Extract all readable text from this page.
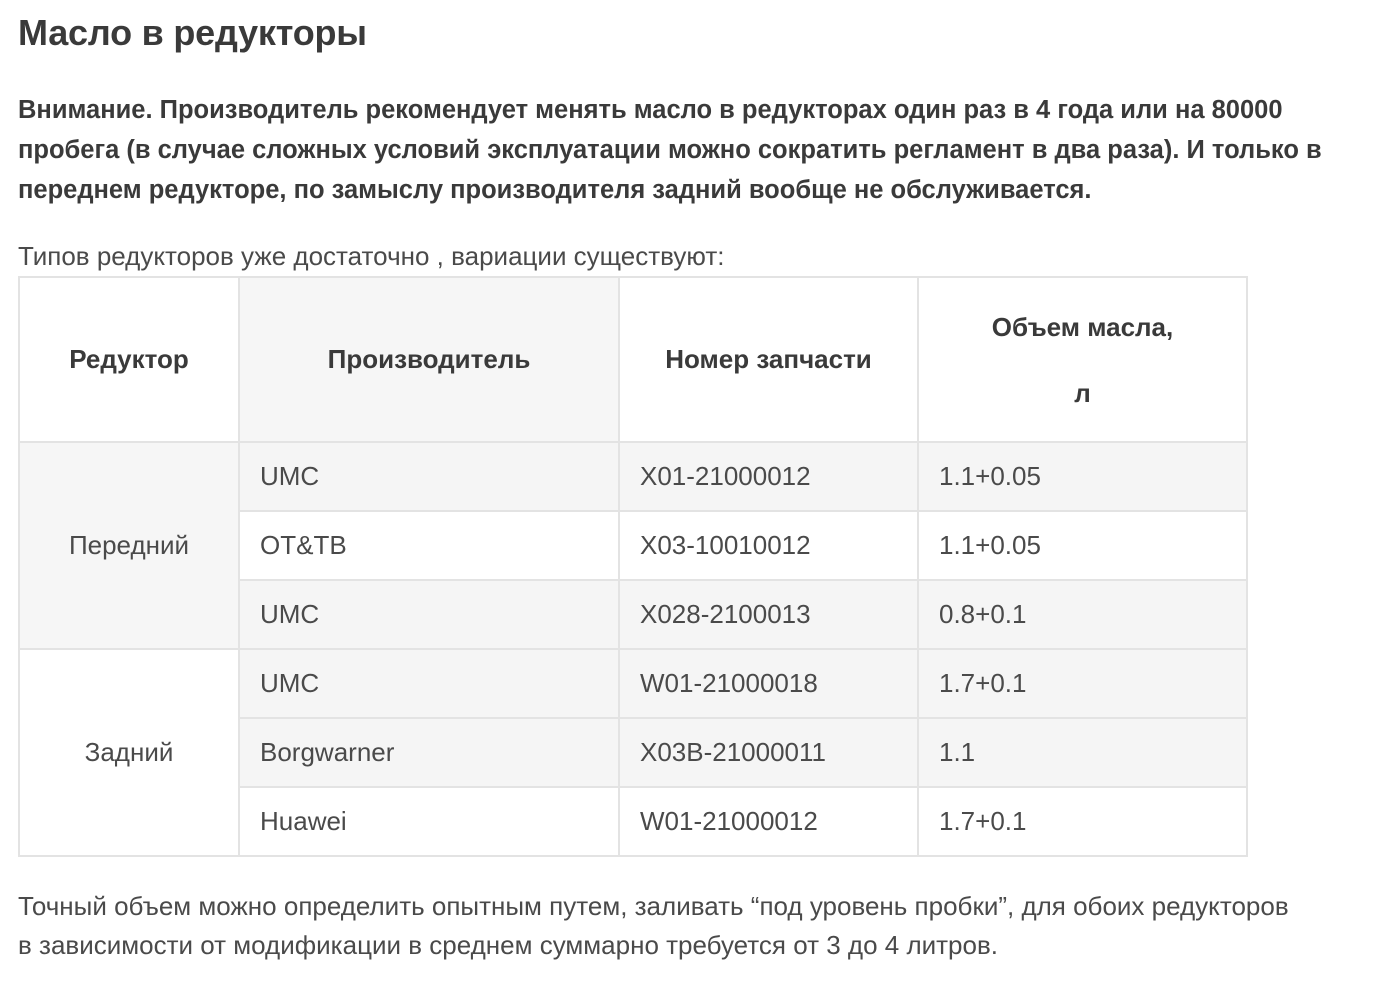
Масло в редукторы

Внимание. Производитель рекомендует менять масло в редукторах один раз в 4 года или на 80000

пробега (в случае сложных условий эксплуатации можно сократить регламент в два раза). И только в

переднем редукторе, по замыслу производителя задний вообще не обслуживается.

Типов редукторов уже достаточно , вариации существуют:
Редуктор	Производитель	Номер запчасти	Объем масла,
л

Передний	UMC	X01-21000012	1.1+0.05
	OT&TB	X03-10010012	1.1+0.05
	UMC	X028-2100013	0.8+0.1
Задний	UMC	W01-21000018	1.7+0.1
	Borgwarner	X03B-21000011	1.1
	Huawei	W01-21000012	1.7+0.1

Точный объем можно определить опытным путем, заливать “под уровень пробки”, для обоих редукторов

в зависимости от модификации в среднем суммарно требуется от 3 до 4 литров.
